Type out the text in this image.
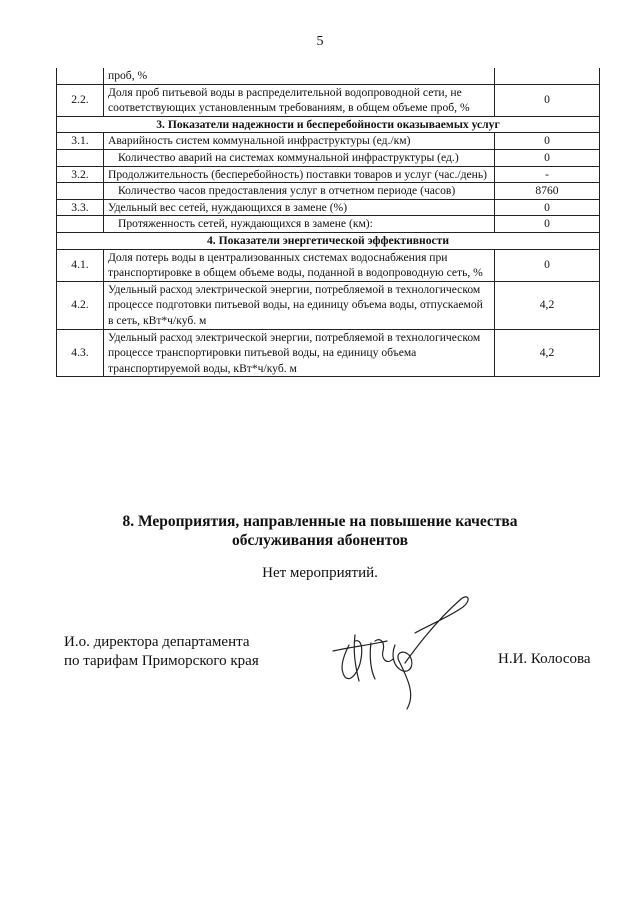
5
	проб, %	
2.2.	Доля проб питьевой воды в распределительной водопроводной сети, не соответствующих установленным требованиям, в общем объеме проб, %	0
3. Показатели надежности и бесперебойности оказываемых услуг		
3.1.	Аварийность систем коммунальной инфраструктуры (ед./км)	0
	Количество аварий на системах коммунальной инфраструктуры (ед.)	0
3.2.	Продолжительность (бесперебойность) поставки товаров и услуг (час./день)	-
	Количество часов предоставления услуг в отчетном периоде (часов)	8760
3.3.	Удельный вес сетей, нуждающихся в замене (%)	0
	Протяженность сетей, нуждающихся в замене (км):	0
4. Показатели энергетической эффективности		
4.1.	Доля потерь воды в централизованных системах водоснабжения при транспортировке в общем объеме воды, поданной в водопроводную сеть, %	0
4.2.	Удельный расход электрической энергии, потребляемой в технологическом процессе подготовки питьевой воды, на единицу объема воды, отпускаемой в сеть, кВт*ч/куб. м	4,2
4.3.	Удельный расход электрической энергии, потребляемой в технологическом процессе транспортировки питьевой воды, на единицу объема транспортируемой воды, кВт*ч/куб. м	4,2
8. Мероприятия, направленные на повышение качества
обслуживания абонентов
Нет мероприятий.
И.о. директора департамента
по тарифам Приморского края	Н.И. Колосова
